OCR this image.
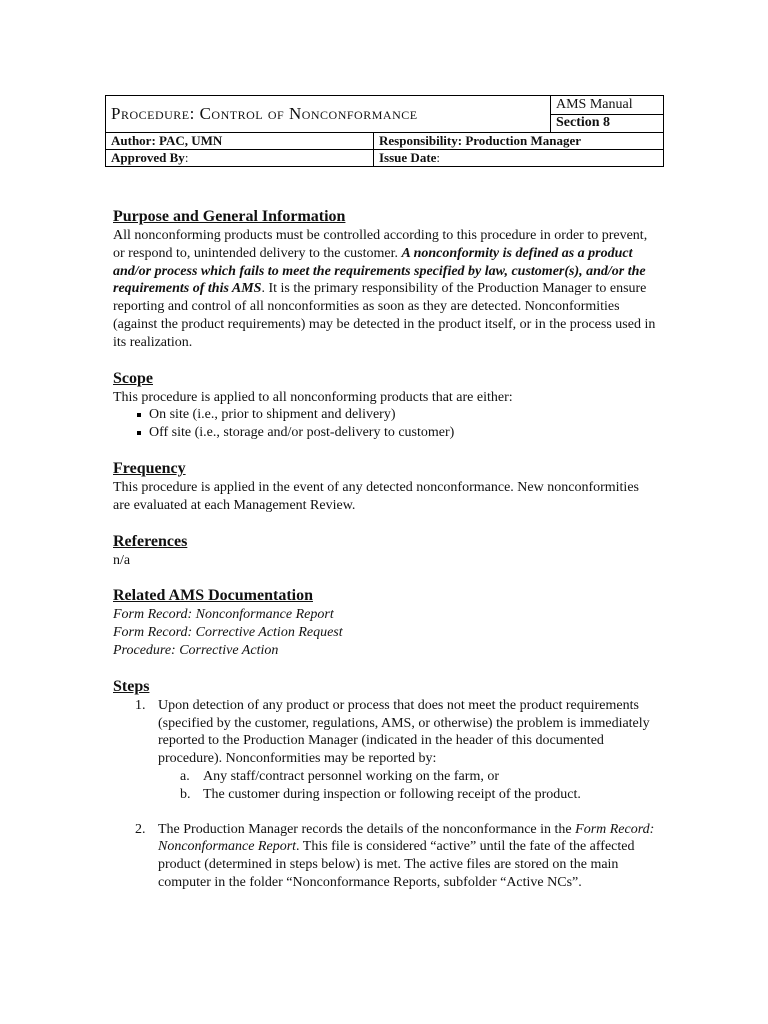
Procedure: Control of Nonconformance		AMS Manual
		Section 8
Author: PAC, UMN	Responsibility: Production Manager	
Approved By:	Issue Date:	
Purpose and General Information

All nonconforming products must be controlled according to this procedure in order to prevent, or respond to, unintended delivery to the customer. A nonconformity is defined as a product and/or process which fails to meet the requirements specified by law, customer(s), and/or the requirements of this AMS. It is the primary responsibility of the Production Manager to ensure reporting and control of all nonconformities as soon as they are detected. Nonconformities (against the product requirements) may be detected in the product itself, or in the process used in its realization.

Scope

This procedure is applied to all nonconforming products that are either:

On site (i.e., prior to shipment and delivery)
Off site (i.e., storage and/or post-delivery to customer)
Frequency

This procedure is applied in the event of any detected nonconformance. New nonconformities are evaluated at each Management Review.

References

n/a

Related AMS Documentation

Form Record: Nonconformance Report

Form Record: Corrective Action Request

Procedure: Corrective Action

Steps
1. Upon detection of any product or process that does not meet the product requirements (specified by the customer, regulations, AMS, or otherwise) the problem is immediately reported to the Production Manager (indicated in the header of this documented procedure). Nonconformities may be reported by:
a. Any staff/contract personnel working on the farm, or
b. The customer during inspection or following receipt of the product.
2. The Production Manager records the details of the nonconformance in the Form Record: Nonconformance Report. This file is considered “active” until the fate of the affected product (determined in steps below) is met. The active files are stored on the main computer in the folder “Nonconformance Reports, subfolder “Active NCs”.
